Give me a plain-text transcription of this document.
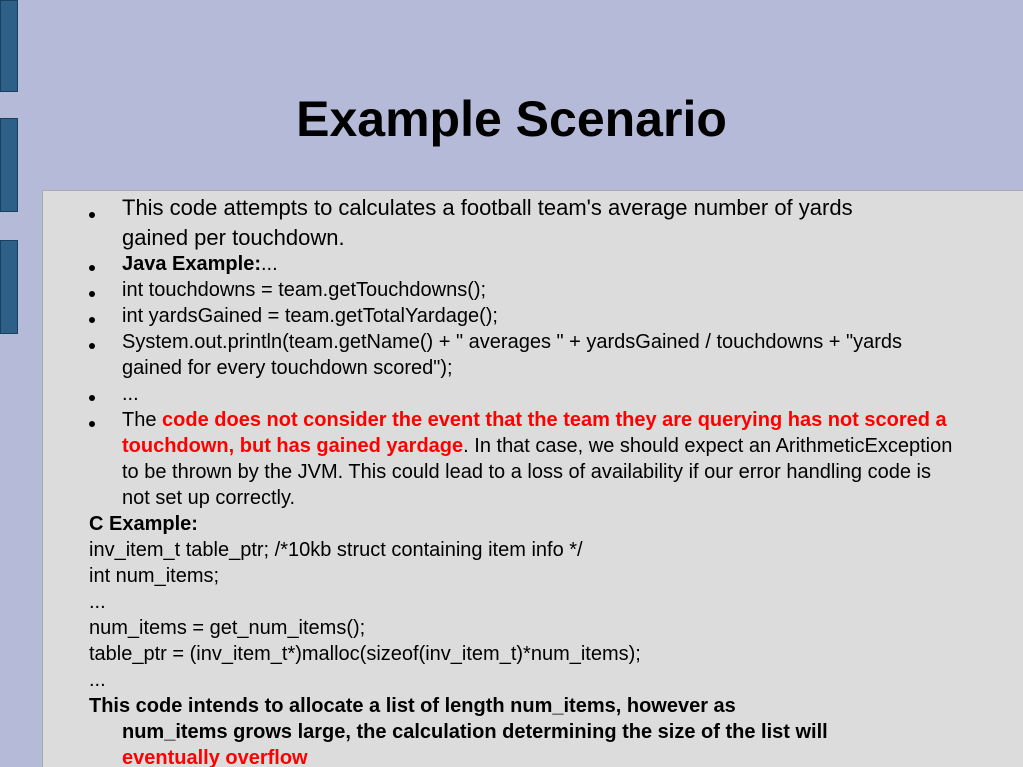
Example Scenario
This code attempts to calculates a football team's average number of yards gained per touchdown.
Java Example:...
int touchdowns = team.getTouchdowns();
int yardsGained = team.getTotalYardage();
System.out.println(team.getName() + " averages " + yardsGained / touchdowns + "yards gained for every touchdown scored");
...
The code does not consider the event that the team they are querying has not scored a touchdown, but has gained yardage. In that case, we should expect an ArithmeticException to be thrown by the JVM. This could lead to a loss of availability if our error handling code is not set up correctly.
C Example:
inv_item_t table_ptr; /*10kb struct containing item info */
int num_items;
...
num_items = get_num_items();
table_ptr = (inv_item_t*)malloc(sizeof(inv_item_t)*num_items);
...
This code intends to allocate a list of length num_items, however as
num_items grows large, the calculation determining the size of the list will
eventually overflow
